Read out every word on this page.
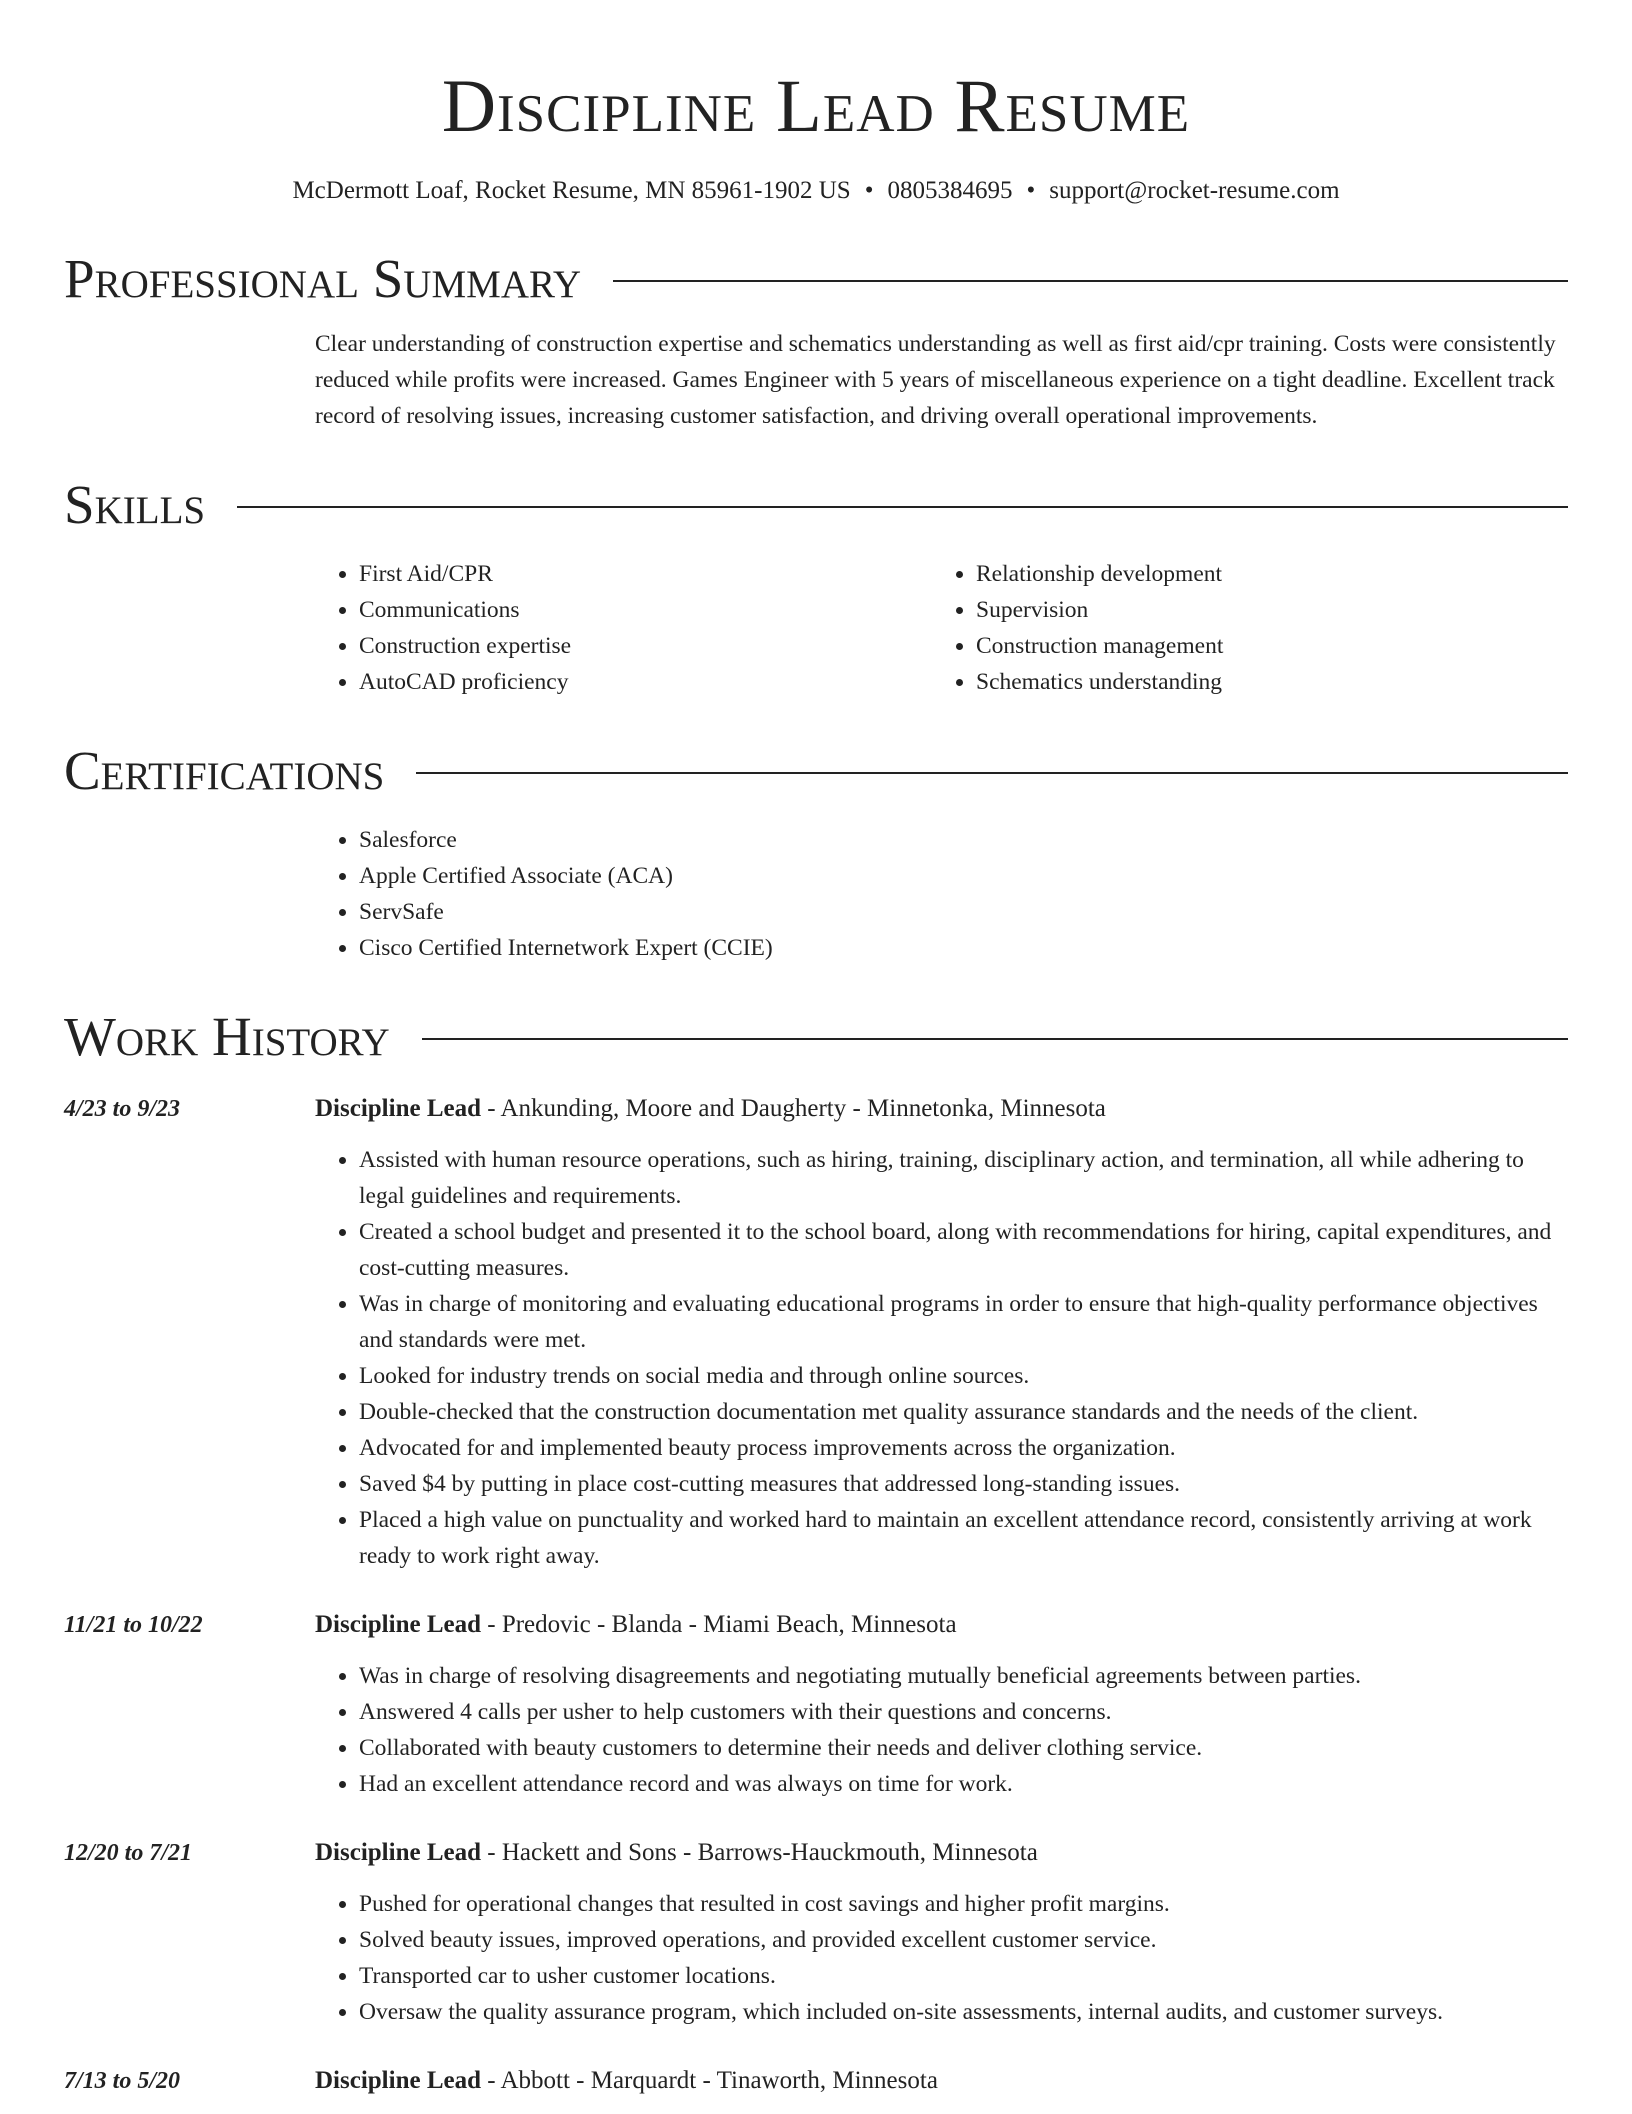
Discipline Lead Resume
McDermott Loaf, Rocket Resume, MN 85961-1902 US • 0805384695 • support@rocket-resume.com
Professional Summary
Clear understanding of construction expertise and schematics understanding as well as first aid/cpr training. Costs were consistently reduced while profits were increased. Games Engineer with 5 years of miscellaneous experience on a tight deadline. Excellent track record of resolving issues, increasing customer satisfaction, and driving overall operational improvements.
Skills
• First Aid/CPR
• Communications
• Construction expertise
• AutoCAD proficiency
• Relationship development
• Supervision
• Construction management
• Schematics understanding
Certifications
• Salesforce
• Apple Certified Associate (ACA)
• ServSafe
• Cisco Certified Internetwork Expert (CCIE)
Work History
4/23 to 9/23	Discipline Lead - Ankunding, Moore and Daugherty - Minnetonka, Minnesota
• Assisted with human resource operations, such as hiring, training, disciplinary action, and termination, all while adhering to legal guidelines and requirements.
• Created a school budget and presented it to the school board, along with recommendations for hiring, capital expenditures, and cost-cutting measures.
• Was in charge of monitoring and evaluating educational programs in order to ensure that high-quality performance objectives and standards were met.
• Looked for industry trends on social media and through online sources.
• Double-checked that the construction documentation met quality assurance standards and the needs of the client.
• Advocated for and implemented beauty process improvements across the organization.
• Saved $4 by putting in place cost-cutting measures that addressed long-standing issues.
• Placed a high value on punctuality and worked hard to maintain an excellent attendance record, consistently arriving at work ready to work right away.
11/21 to 10/22	Discipline Lead - Predovic - Blanda - Miami Beach, Minnesota
• Was in charge of resolving disagreements and negotiating mutually beneficial agreements between parties.
• Answered 4 calls per usher to help customers with their questions and concerns.
• Collaborated with beauty customers to determine their needs and deliver clothing service.
• Had an excellent attendance record and was always on time for work.
12/20 to 7/21	Discipline Lead - Hackett and Sons - Barrows-Hauckmouth, Minnesota
• Pushed for operational changes that resulted in cost savings and higher profit margins.
• Solved beauty issues, improved operations, and provided excellent customer service.
• Transported car to usher customer locations.
• Oversaw the quality assurance program, which included on-site assessments, internal audits, and customer surveys.
7/13 to 5/20	Discipline Lead - Abbott - Marquardt - Tinaworth, Minnesota
